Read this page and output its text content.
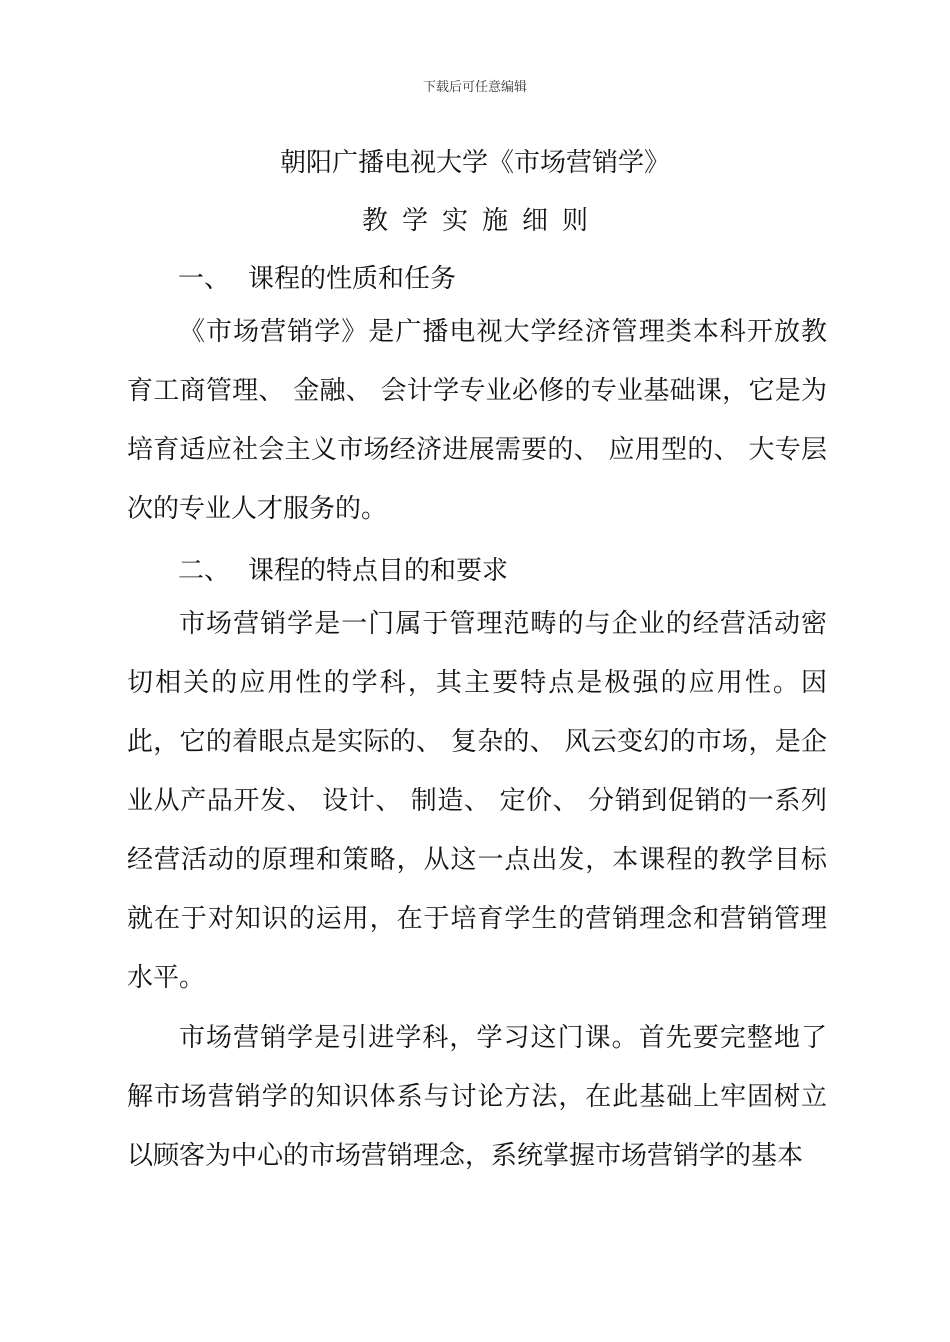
下载后可任意编辑
朝阳广播电视大学《市场营销学》
教学实施细则
一、 课程的性质和任务

《市场营销学》是广播电视大学经济管理类本科开放教育工商管理、 金融、 会计学专业必修的专业基础课，它是为培育适应社会主义市场经济进展需要的、 应用型的、 大专层次的专业人才服务的。

二、 课程的特点目的和要求

市场营销学是一门属于管理范畴的与企业的经营活动密切相关的应用性的学科，其主要特点是极强的应用性。因此，它的着眼点是实际的、 复杂的、 风云变幻的市场，是企业从产品开发、 设计、 制造、 定价、 分销到促销的一系列经营活动的原理和策略，从这一点出发，本课程的教学目标就在于对知识的运用，在于培育学生的营销理念和营销管理水平。

市场营销学是引进学科，学习这门课。首先要完整地了解市场营销学的知识体系与讨论方法，在此基础上牢固树立以顾客为中心的市场营销理念，系统掌握市场营销学的基本
